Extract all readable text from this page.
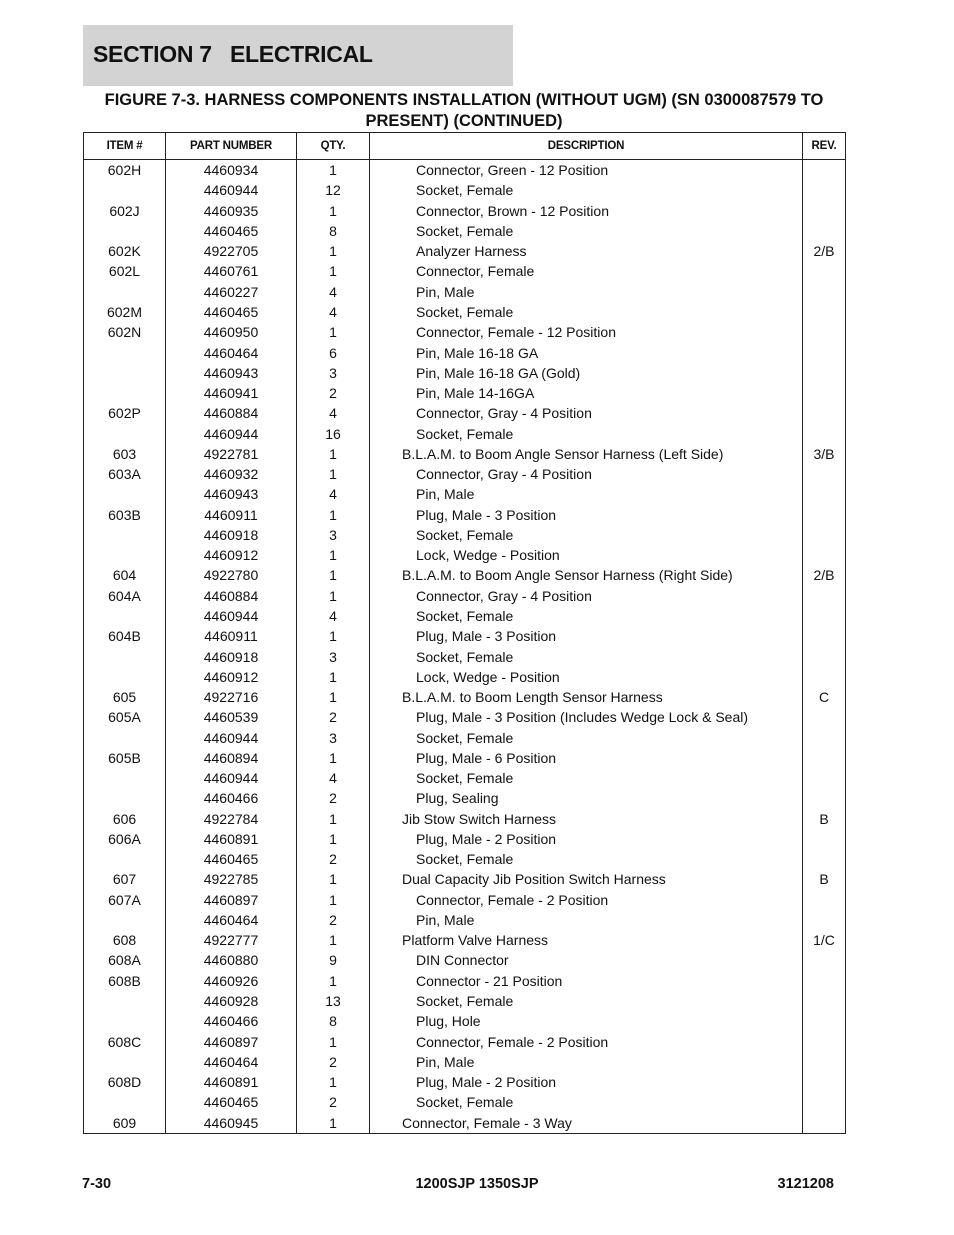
SECTION 7   ELECTRICAL
FIGURE 7-3. HARNESS COMPONENTS INSTALLATION (WITHOUT UGM) (SN 0300087579 TO
PRESENT) (CONTINUED)
ITEM #	PART NUMBER	QTY.	DESCRIPTION	REV.
602H	4460934	1	Connector, Green - 12 Position	
	4460944	12	Socket, Female	
602J	4460935	1	Connector, Brown - 12 Position	
	4460465	8	Socket, Female	
602K	4922705	1	Analyzer Harness	2/B
602L	4460761	1	Connector, Female	
	4460227	4	Pin, Male	
602M	4460465	4	Socket, Female	
602N	4460950	1	Connector, Female - 12 Position	
	4460464	6	Pin, Male 16-18 GA	
	4460943	3	Pin, Male 16-18 GA (Gold)	
	4460941	2	Pin, Male 14-16GA	
602P	4460884	4	Connector, Gray - 4 Position	
	4460944	16	Socket, Female	
603	4922781	1	B.L.A.M. to Boom Angle Sensor Harness (Left Side)	3/B
603A	4460932	1	Connector, Gray - 4 Position	
	4460943	4	Pin, Male	
603B	4460911	1	Plug, Male - 3 Position	
	4460918	3	Socket, Female	
	4460912	1	Lock, Wedge - Position	
604	4922780	1	B.L.A.M. to Boom Angle Sensor Harness (Right Side)	2/B
604A	4460884	1	Connector, Gray - 4 Position	
	4460944	4	Socket, Female	
604B	4460911	1	Plug, Male - 3 Position	
	4460918	3	Socket, Female	
	4460912	1	Lock, Wedge - Position	
605	4922716	1	B.L.A.M. to Boom Length Sensor Harness	C
605A	4460539	2	Plug, Male - 3 Position (Includes Wedge Lock & Seal)	
	4460944	3	Socket, Female	
605B	4460894	1	Plug, Male - 6 Position	
	4460944	4	Socket, Female	
	4460466	2	Plug, Sealing	
606	4922784	1	Jib Stow Switch Harness	B
606A	4460891	1	Plug, Male - 2 Position	
	4460465	2	Socket, Female	
607	4922785	1	Dual Capacity Jib Position Switch Harness	B
607A	4460897	1	Connector, Female - 2 Position	
	4460464	2	Pin, Male	
608	4922777	1	Platform Valve Harness	1/C
608A	4460880	9	DIN Connector	
608B	4460926	1	Connector - 21 Position	
	4460928	13	Socket, Female	
	4460466	8	Plug, Hole	
608C	4460897	1	Connector, Female - 2 Position	
	4460464	2	Pin, Male	
608D	4460891	1	Plug, Male - 2 Position	
	4460465	2	Socket, Female	
609	4460945	1	Connector, Female - 3 Way	
7-30	1200SJP 1350SJP	3121208
